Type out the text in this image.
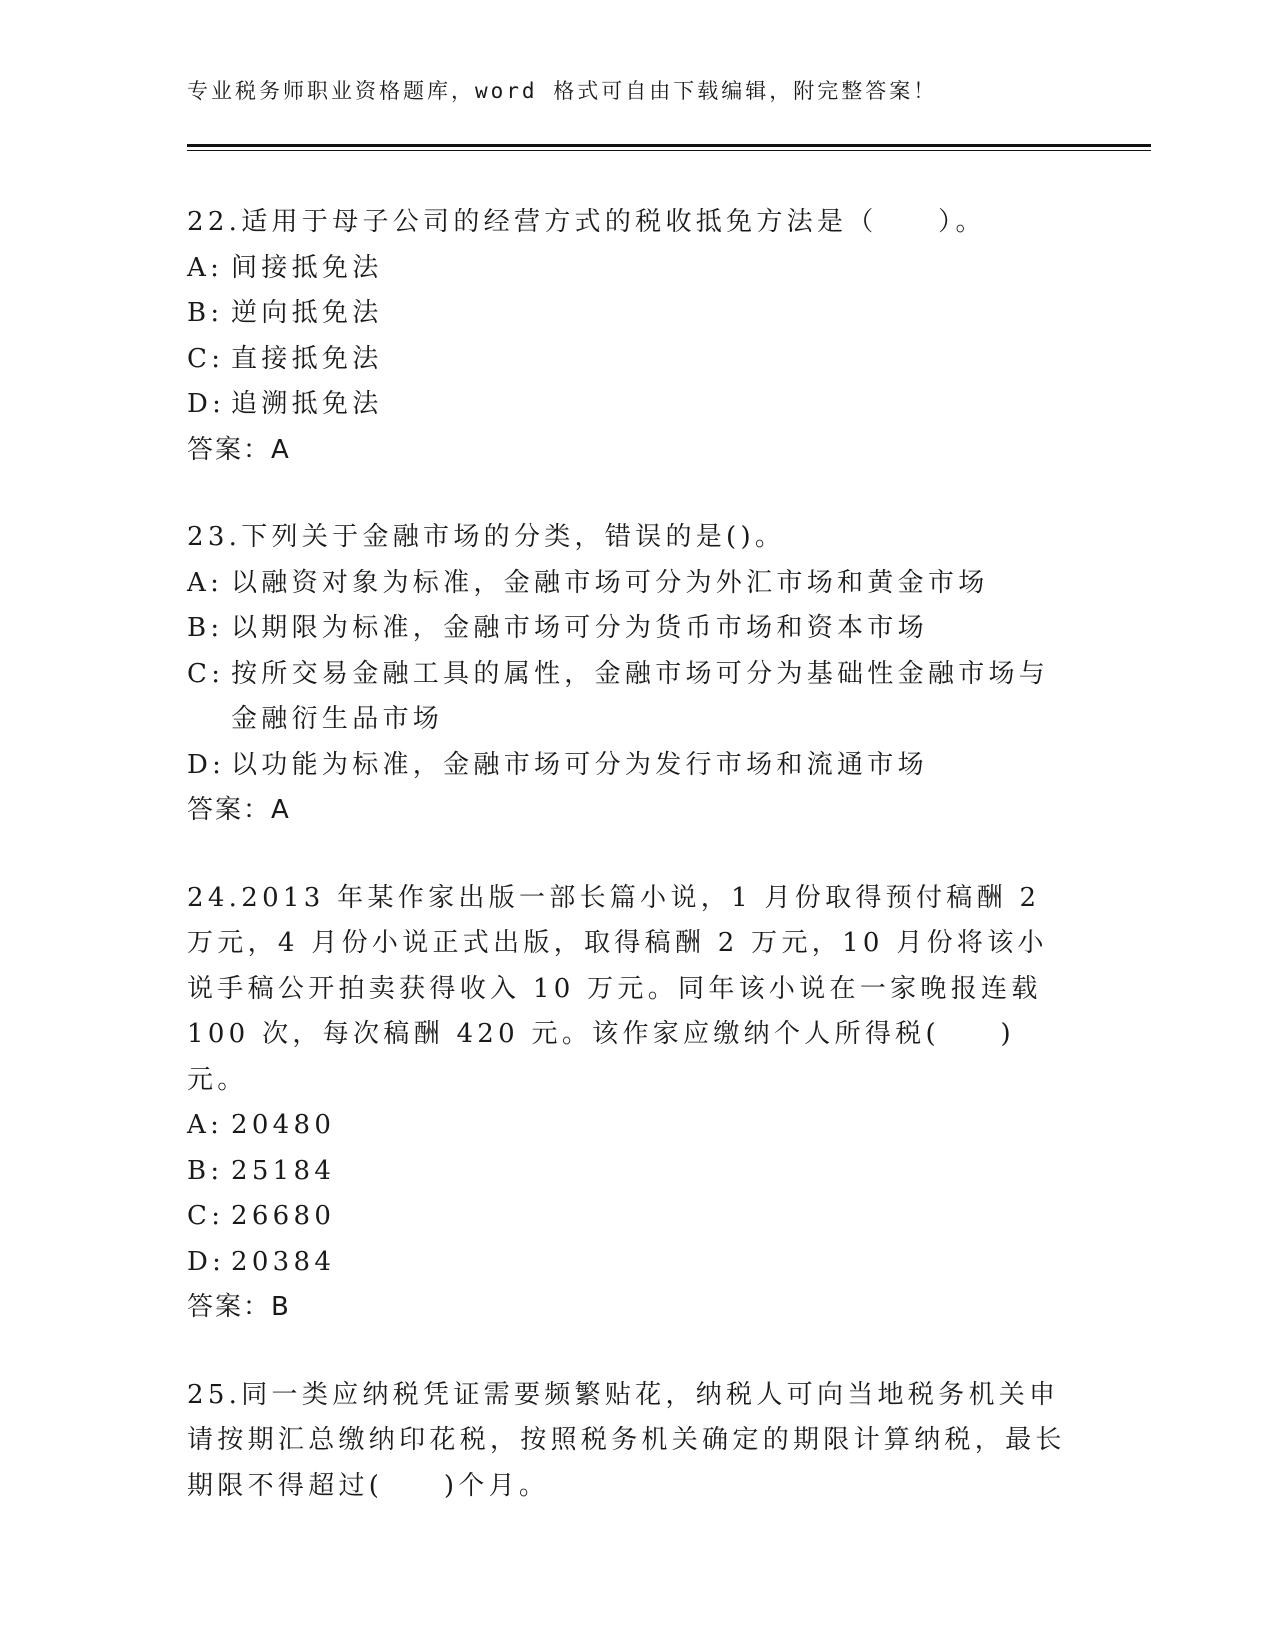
专业税务师职业资格题库，word 格式可自由下载编辑，附完整答案！

22.适用于母子公司的经营方式的税收抵免方法是（　　）。

A: 间接抵免法
B: 逆向抵免法
C: 直接抵免法
D: 追溯抵免法

答案：A

23.下列关于金融市场的分类，错误的是()。

A: 以融资对象为标准，金融市场可分为外汇市场和黄金市场
B: 以期限为标准，金融市场可分为货币市场和资本市场
C: 按所交易金融工具的属性，金融市场可分为基础性金融市场与金融衍生品市场
D: 以功能为标准，金融市场可分为发行市场和流通市场

答案：A

24.2013 年某作家出版一部长篇小说，1 月份取得预付稿酬 2 万元，4 月份小说正式出版，取得稿酬 2 万元，10 月份将该小说手稿公开拍卖获得收入 10 万元。同年该小说在一家晚报连载 100 次，每次稿酬 420 元。该作家应缴纳个人所得税(　　)元。

A: 20480
B: 25184
C: 26680
D: 20384

答案：B

25.同一类应纳税凭证需要频繁贴花，纳税人可向当地税务机关申请按期汇总缴纳印花税，按照税务机关确定的期限计算纳税，最长期限不得超过(　　)个月。
